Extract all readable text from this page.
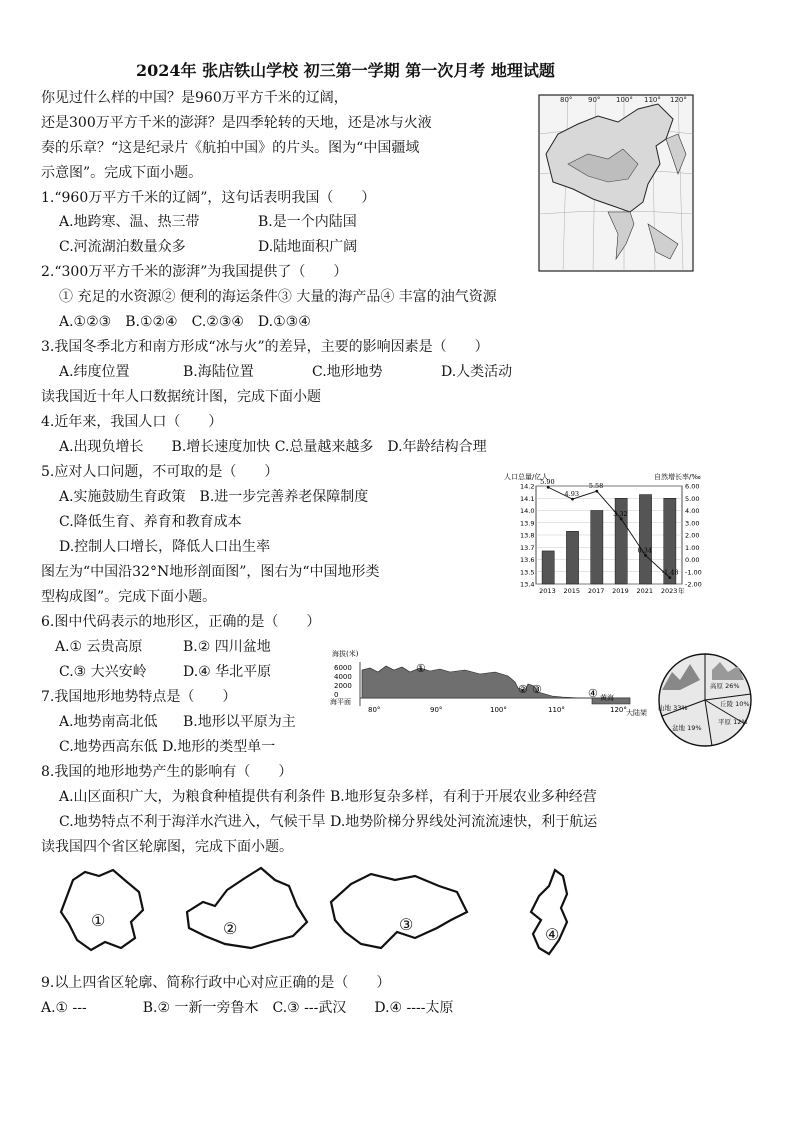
2024年 张店铁山学校 初三第一学期 第一次月考 地理试题
你见过什么样的中国？是960万平方千米的辽阔，
还是300万平方千米的澎湃？是四季轮转的天地，还是冰与火液
奏的乐章？“这是纪录片《航拍中国》的片头。图为“中国疆域
示意图”。完成下面小题。
80° 90° 100° 110° 120°
1.“960万平方千米的辽阔”，这句话表明我国（　　）
A.地跨寒、温、热三带	B.是一个内陆国
C.河流湖泊数量众多	D.陆地面积广阔
2.“300万平方千米的澎湃”为我国提供了（　　）
① 充足的水资源② 便利的海运条件③ 大量的海产品④ 丰富的油气资源
A.①②③　B.①②④　C.②③④　D.①③④
3.我国冬季北方和南方形成“冰与火”的差异，主要的影响因素是（　　）
A.纬度位置	B.海陆位置	C.地形地势	D.人类活动
读我国近十年人口数据统计图，完成下面小题
4.近年来，我国人口（　　）
A.出现负增长　　B.增长速度加快 C.总量越来越多　D.年龄结构合理
5.应对人口问题，不可取的是（　　）
A.实施鼓励生育政策　B.进一步完善养老保障制度
C.降低生育、养育和教育成本
D.控制人口增长，降低人口出生率
人口总量/亿人	自然增长率/‰
5.90
4.93
5.58
3.32
0.34
-1.48
14.2
14.1
14.0
13.9
13.8
13.7
13.6
13.5
13.4
6.00
5.00
4.00
3.00
2.00
1.00
0.00
-1.00
-2.00
2013 2015 2017 2019 2021 2023 年
图左为“中国沿32°N地形剖面图”，图右为“中国地形类
型构成图”。完成下面小题。
6.图中代码表示的地形区，正确的是（　　）
A.① 云贵高原	B.② 四川盆地
C.③ 大兴安岭	D.④ 华北平原
海拔(米)
6000
4000
2000
0
海平面
①
② ③	④ 黄海
大陆架
80°	90°	100°	110°	120°
高原 26%
丘陵 10%
山地 33%
平原 12%
盆地 19%
7.我国地形地势特点是（　　）
A.地势南高北低 B.地形以平原为主
C.地势西高东低 D.地形的类型单一
8.我国的地形地势产生的影响有（　　）
A.山区面积广大，为粮食种植提供有利条件 B.地形复杂多样，有利于开展农业多种经营
C.地势特点不利于海洋水汽进入，气候干旱 D.地势阶梯分界线处河流流速快，利于航运
读我国四个省区轮廓图，完成下面小题。
①	②	③
④
9.以上四省区轮廓、简称行政中心对应正确的是（　　）
A.① ---　　　　B.② 一新一旁鲁木　C.③ ---武汉　　D.④ ----太原
